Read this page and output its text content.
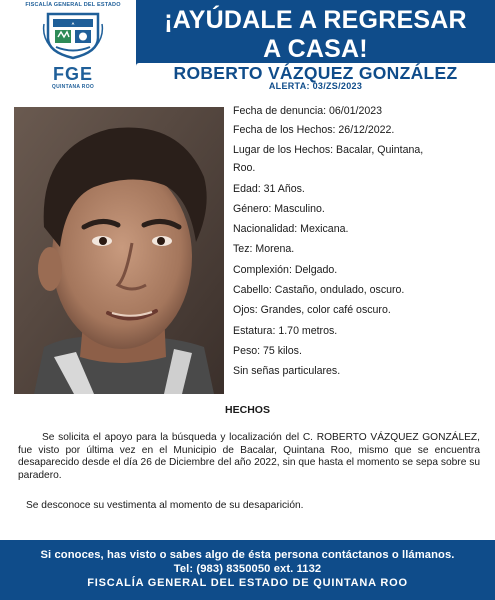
FISCALÍA GENERAL DEL ESTADO
FGE
QUINTANA ROO
¡AYÚDALE A REGRESAR
A CASA!
ROBERTO VÁZQUEZ GONZÁLEZ
ALERTA: 03/ZS/2023
Fecha de denuncia: 06/01/2023
Fecha de los Hechos: 26/12/2022.
Lugar de los Hechos: Bacalar, Quintana,
Roo.
Edad: 31 Años.
Género: Masculino.
Nacionalidad: Mexicana.
Tez: Morena.
Complexión: Delgado.
Cabello: Castaño, ondulado, oscuro.
Ojos: Grandes, color café oscuro.
Estatura: 1.70 metros.
Peso: 75 kilos.
Sin señas particulares.
HECHOS

Se solicita el apoyo para la búsqueda y localización del C. ROBERTO VÁZQUEZ GONZÁLEZ, fue visto por última vez en el Municipio de Bacalar, Quintana Roo, mismo que se encuentra desaparecido desde el día 26 de Diciembre del año 2022, sin que hasta el momento se sepa sobre su paradero.

Se desconoce su vestimenta al momento de su desaparición.

Si conoces, has visto o sabes algo de ésta persona contáctanos o llámanos.
Tel: (983) 8350050 ext. 1132
FISCALÍA GENERAL DEL ESTADO DE QUINTANA ROO
